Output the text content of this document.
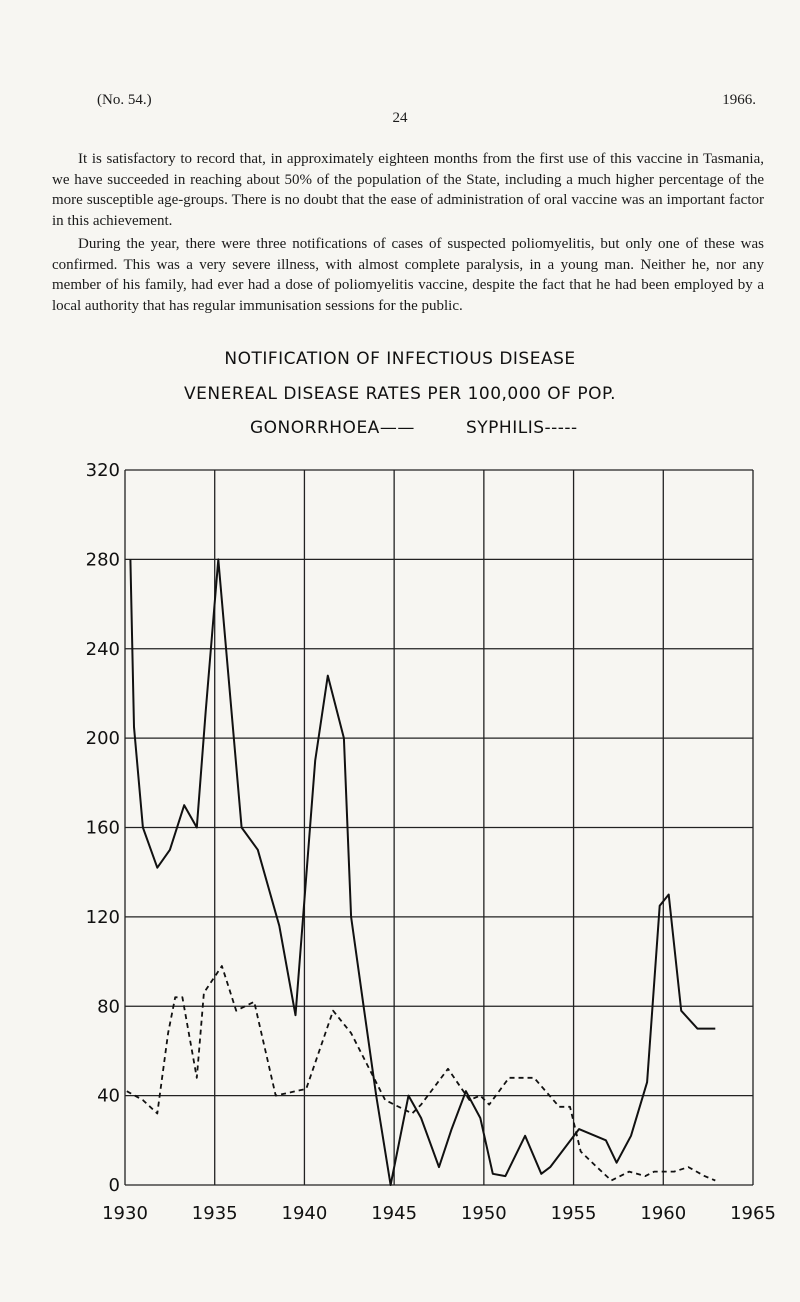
(No. 54.)	1966.
24

It is satisfactory to record that, in approximately eighteen months from the first use of this vaccine in Tasmania, we have succeeded in reaching about 50% of the population of the State, including a much higher percentage of the more susceptible age-groups. There is no doubt that the ease of administration of oral vaccine was an important factor in this achievement.

During the year, there were three notifications of cases of suspected poliomyelitis, but only one of these was confirmed. This was a very severe illness, with almost complete paralysis, in a young man. Neither he, nor any member of his family, had ever had a dose of poliomyelitis vaccine, despite the fact that he had been employed by a local authority that has regular immunisation sessions for the public.

NOTIFICATION OF INFECTIOUS DISEASE
VENEREAL DISEASE RATES PER 100,000 OF POP.
GONORRHOEA——	SYPHILIS-----
320
280
240
200
160
120
80
40
0
1930 1935 1940 1945 1950 1955 1960 1965
